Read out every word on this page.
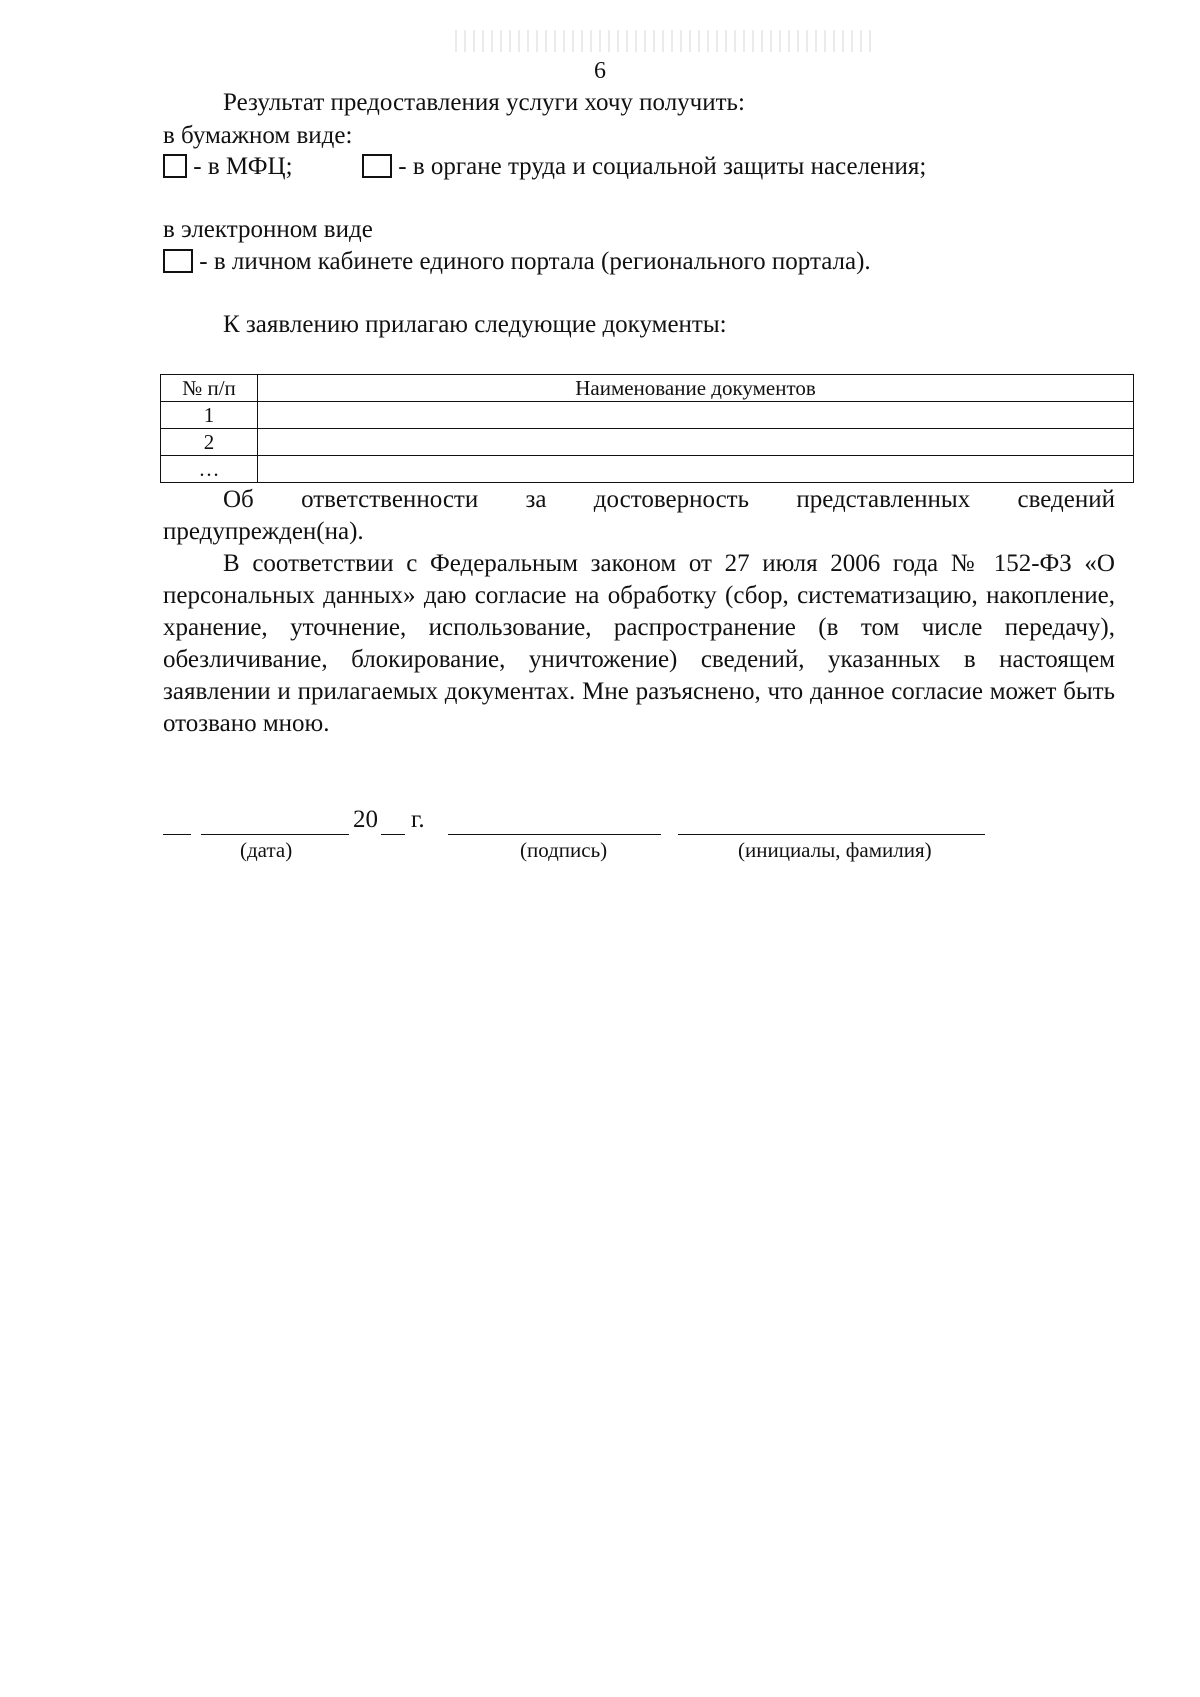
6
Результат предоставления услуги хочу получить:
в бумажном виде:
- в МФЦ;	- в органе труда и социальной защиты населения;
в электронном виде
- в личном кабинете единого портала (регионального портала).
К заявлению прилагаю следующие документы:
№ п/п	Наименование документов
1	
2	
…	
Об ответственности за достоверность представленных сведений предупрежден(на).
В соответствии с Федеральным законом от 27 июля 2006 года № 152-ФЗ «О персональных данных» даю согласие на обработку (сбор, систематизацию, накопление, хранение, уточнение, использование, распространение (в том числе передачу), обезличивание, блокирование, уничтожение) сведений, указанных в настоящем заявлении и прилагаемых документах. Мне разъяснено, что данное согласие может быть отозвано мною.
20 г.
(дата)	(подпись)	(инициалы, фамилия)
